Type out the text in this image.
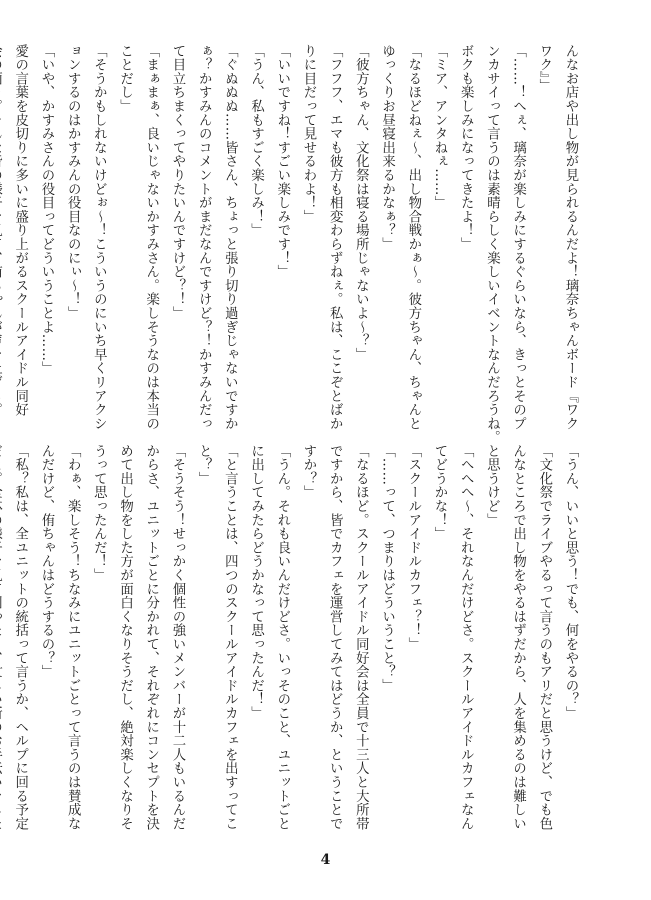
んなお店や出し物が見られるんだよ！璃奈ちゃんボード『ワク

ワク』」

「……！へぇ、璃奈が楽しみにするぐらいなら、きっとそのプ

ンカサイって言うのは素晴らしく楽しいイベントなんだろうね。

ボクも楽しみになってきたよ！」

「ミア、アンタねぇ……」

「なるほどねぇ～、出し物合戦かぁ～。彼方ちゃん、ちゃんと

ゆっくりお昼寝出来るかなぁ？」

「彼方ちゃん、文化祭は寝る場所じゃないよ～？」

「フフフ、エマも彼方も相変わらずねぇ。私は、ここぞとばか

りに目だって見せるわよ！」

「いいですね！すごい楽しみです！」

「うん、私もすごく楽しみ！」

「ぐぬぬぬ……皆さん、ちょっと張り切り過ぎじゃないですか

ぁ？かすみんのコメントがまだなんですけど？！かすみんだっ

て目立ちまくってやりたいんですけど？！」

「まぁまぁ、良いじゃないかすみさん。楽しそうなのは本当の

ことだし」

「そうかもしれないけどぉ～！こういうのにいち早くリアクシ

ョンするのはかすみんの役目なのにぃ～！」

「いや、かすみさんの役目ってどういうことよ……」

愛の言葉を皮切りに多いに盛り上がるスクールアイドル同好

「うん、いいと思う！でも、何をやるの？」

「文化祭でライブやるって言うのもアリだと思うけど、でも色

んなところで出し物をやるはずだから、人を集めるのは難しい

と思うけど」

「へへへ～、それなんだけどさ。スクールアイドルカフェなん

てどうかな！」

「スクールアイドルカフェ？！」

「……って、つまりはどういうこと？」

「なるほど。スクールアイドル同好会は全員で十三人と大所帯

ですから、皆でカフェを運営してみてはどうか、ということで

すか？」

「うん。それも良いんだけどさ。いっそのこと、ユニットごと

に出してみたらどうかなって思ったんだ！」

「と言うことは、四つのスクールアイドルカフェを出すってこ

と？」

「そうそう！せっかく個性の強いメンバーが十二人もいるんだ

からさ、ユニットごとに分かれて、それぞれにコンセプトを決

めて出し物をした方が面白くなりそうだし、絶対楽しくなりそ

うって思ったんだ！」

「わぁ、楽しそう！ちなみにユニットごとって言うのは賛成な

んだけど、侑ちゃんはどうするの？」

「私？私は、全ユニットの統括って言うか、ヘルプに回る予定

4
